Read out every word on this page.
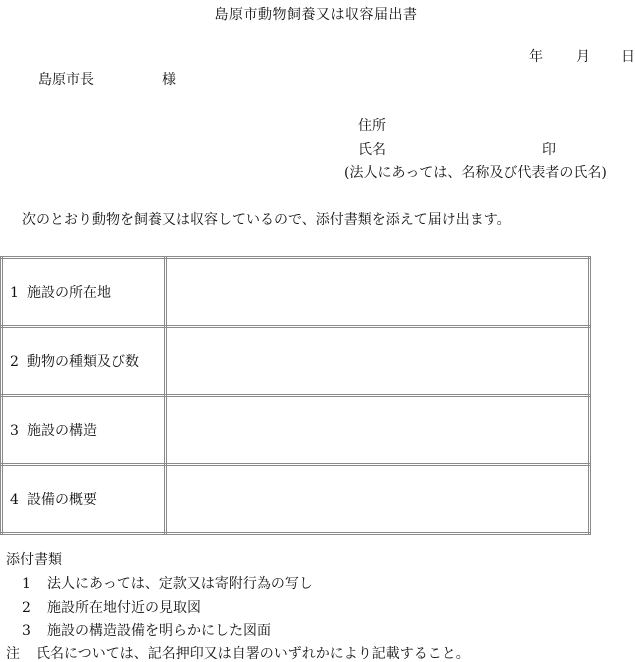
島原市動物飼養又は収容届出書
年 月 日
島原市長	様
住所
氏名	印
(法人にあっては、名称及び代表者の氏名)
次のとおり動物を飼養又は収容しているので、添付書類を添えて届け出ます。
1 施設の所在地	
2 動物の種類及び数	
3 施設の構造	
4 設備の概要	
添付書類
1 法人にあっては、定款又は寄附行為の写し
2 施設所在地付近の見取図
3 施設の構造設備を明らかにした図面
注 氏名については、記名押印又は自署のいずれかにより記載すること。
